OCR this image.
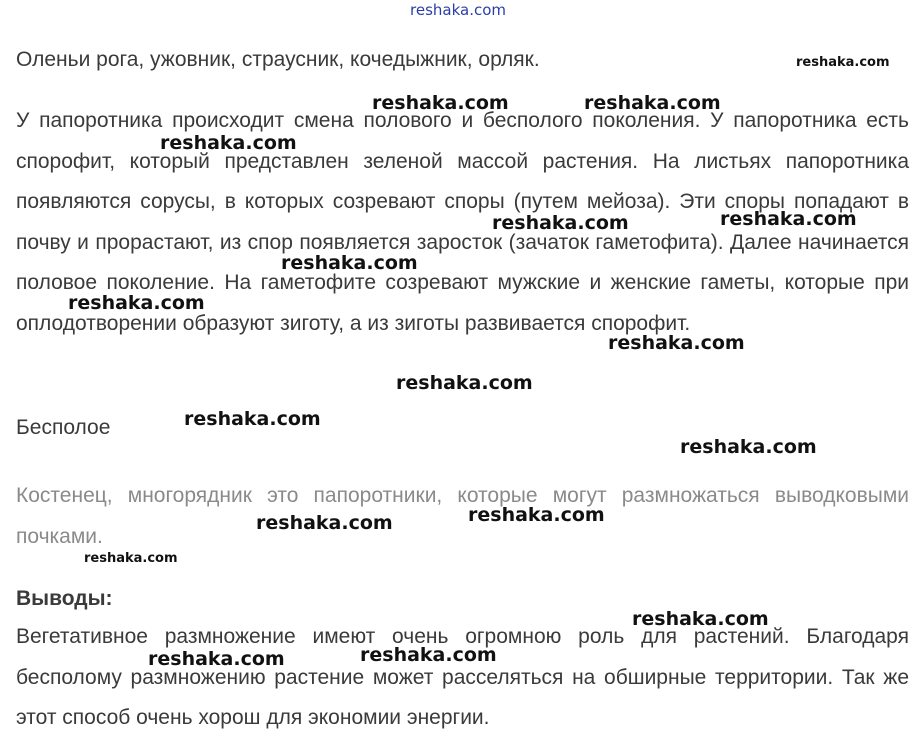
reshaka.com

Оленьи рога, ужовник, страусник, кочедыжник, орляк.

У папоротника происходит смена полового и бесполого поколения. У папоротника есть спорофит, который представлен зеленой массой растения. На листьях папоротника появляются сорусы, в которых созревают споры (путем мейоза). Эти споры попадают в почву и прорастают, из спор появляется заросток (зачаток гаметофита). Далее начинается половое поколение. На гаметофите созревают мужские и женские гаметы, которые при оплодотворении образуют зиготу, а из зиготы развивается спорофит.

Бесполое

Костенец, многорядник это папоротники, которые могут размножаться выводковыми почками.

Выводы:

Вегетативное размножение имеют очень огромною роль для растений. Благодаря бесполому размножению растение может расселяться на обширные территории. Так же этот способ очень хорош для экономии энергии.

reshaka.com
reshaka.com	reshaka.com
reshaka.com
reshaka.com	reshaka.com
reshaka.com
reshaka.com
reshaka.com
reshaka.com
reshaka.com
reshaka.com
reshaka.com
reshaka.com
reshaka.com
reshaka.com
reshaka.com
reshaka.com
